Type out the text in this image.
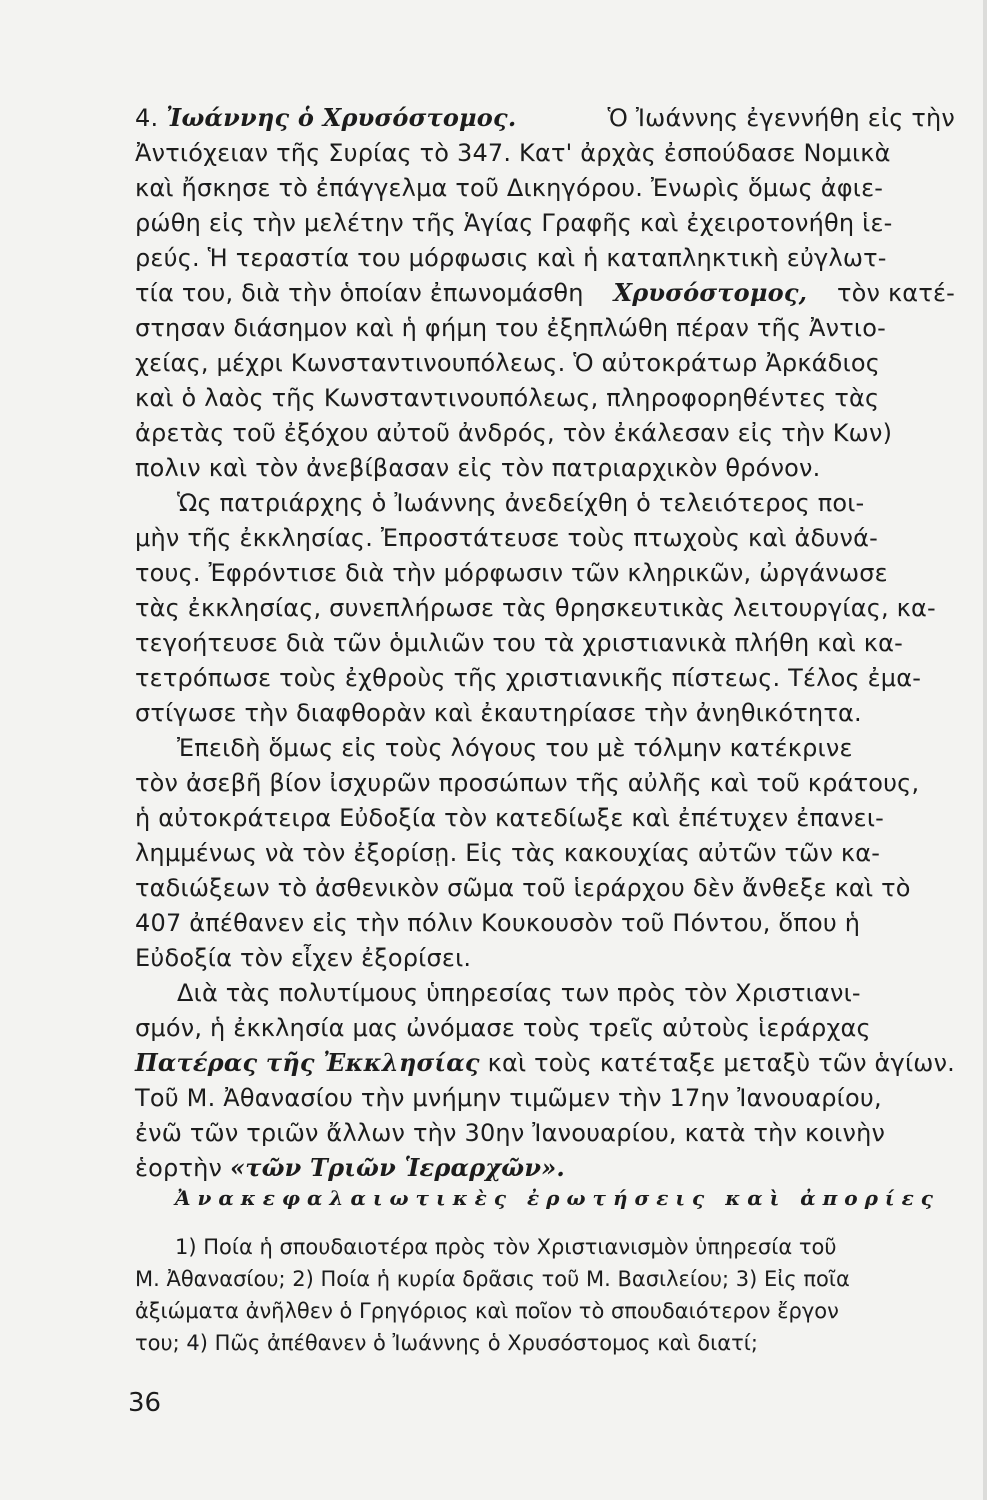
4. Ἰωάννης ὁ Χρυσόστομος.	Ὁ Ἰωάννης ἐγεννήθη εἰς τὴν
Ἀντιόχειαν τῆς Συρίας τὸ 347. Κατ' ἀρχὰς ἐσπούδασε Νομικὰ
καὶ ἤσκησε τὸ ἐπάγγελμα τοῦ Δικηγόρου. Ἐνωρὶς ὅμως ἀφιε-
ρώθη εἰς τὴν μελέτην τῆς Ἁγίας Γραφῆς καὶ ἐχειροτονήθη ἱε-
ρεύς. Ἡ τεραστία του μόρφωσις καὶ ἡ καταπληκτικὴ εὐγλωτ-
τία του, διὰ τὴν ὁποίαν ἐπωνομάσθη Χρυσόστομος, τὸν κατέ-
στησαν διάσημον καὶ ἡ φήμη του ἐξηπλώθη πέραν τῆς Ἀντιο-
χείας, μέχρι Κωνσταντινουπόλεως. Ὁ αὐτοκράτωρ Ἀρκάδιος
καὶ ὁ λαὸς τῆς Κωνσταντινουπόλεως, πληροφορηθέντες τὰς
ἀρετὰς τοῦ ἐξόχου αὐτοῦ ἀνδρός, τὸν ἐκάλεσαν εἰς τὴν Κων)
πολιν καὶ τὸν ἀνεβίβασαν εἰς τὸν πατριαρχικὸν θρόνον.
Ὡς πατριάρχης ὁ Ἰωάννης ἀνεδείχθη ὁ τελειότερος ποι-
μὴν τῆς ἐκκλησίας. Ἐπροστάτευσε τοὺς πτωχοὺς καὶ ἀδυνά-
τους. Ἐφρόντισε διὰ τὴν μόρφωσιν τῶν κληρικῶν, ὠργάνωσε
τὰς ἐκκλησίας, συνεπλήρωσε τὰς θρησκευτικὰς λειτουργίας, κα-
τεγοήτευσε διὰ τῶν ὁμιλιῶν του τὰ χριστιανικὰ πλήθη καὶ κα-
τετρόπωσε τοὺς ἐχθροὺς τῆς χριστιανικῆς πίστεως. Τέλος ἐμα-
στίγωσε τὴν διαφθορὰν καὶ ἐκαυτηρίασε τὴν ἀνηθικότητα.
Ἐπειδὴ ὅμως εἰς τοὺς λόγους του μὲ τόλμην κατέκρινε
τὸν ἀσεβῆ βίον ἰσχυρῶν προσώπων τῆς αὐλῆς καὶ τοῦ κράτους,
ἡ αὐτοκράτειρα Εὐδοξία τὸν κατεδίωξε καὶ ἐπέτυχεν ἐπανει-
λημμένως νὰ τὸν ἐξορίσῃ. Εἰς τὰς κακουχίας αὐτῶν τῶν κα-
ταδιώξεων τὸ ἀσθενικὸν σῶμα τοῦ ἱεράρχου δὲν ἄνθεξε καὶ τὸ
407 ἀπέθανεν εἰς τὴν πόλιν Κουκουσὸν τοῦ Πόντου, ὅπου ἡ
Εὐδοξία τὸν εἶχεν ἐξορίσει.
Διὰ τὰς πολυτίμους ὑπηρεσίας των πρὸς τὸν Χριστιανι-
σμόν, ἡ ἐκκλησία μας ὠνόμασε τοὺς τρεῖς αὐτοὺς ἱεράρχας
Πατέρας τῆς Ἐκκλησίας καὶ τοὺς κατέταξε μεταξὺ τῶν ἁγίων.
Τοῦ Μ. Ἀθανασίου τὴν μνήμην τιμῶμεν τὴν 17ην Ἰανουαρίου,
ἐνῶ τῶν τριῶν ἄλλων τὴν 30ην Ἰανουαρίου, κατὰ τὴν κοινὴν
ἑορτὴν «τῶν Τριῶν Ἱεραρχῶν».
Ἀνακεφαλαιωτικὲς ἐρωτήσεις καὶ ἀπορίες
1) Ποία ἡ σπουδαιοτέρα πρὸς τὸν Χριστιανισμὸν ὑπηρεσία τοῦ
Μ. Ἀθανασίου; 2) Ποία ἡ κυρία δρᾶσις τοῦ Μ. Βασιλείου; 3) Εἰς ποῖα
ἀξιώματα ἀνῆλθεν ὁ Γρηγόριος καὶ ποῖον τὸ σπουδαιότερον ἔργον
του; 4) Πῶς ἀπέθανεν ὁ Ἰωάννης ὁ Χρυσόστομος καὶ διατί;
36
